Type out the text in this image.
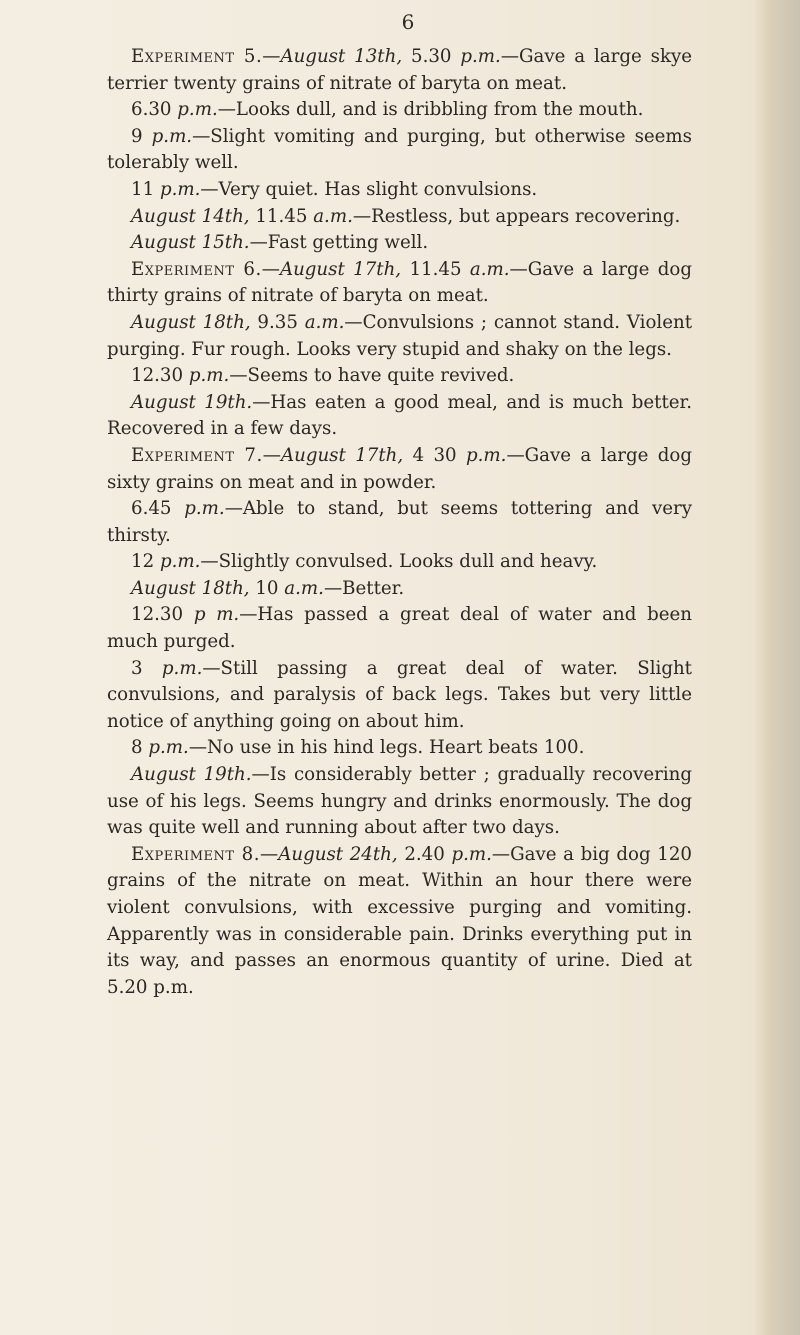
6

Experiment 5.—August 13th, 5.30 p.m.—Gave a large skye terrier twenty grains of nitrate of baryta on meat.

6.30 p.m.—Looks dull, and is dribbling from the mouth.

9 p.m.—Slight vomiting and purging, but otherwise seems tolerably well.

11 p.m.—Very quiet. Has slight convulsions.

August 14th, 11.45 a.m.—Restless, but appears recovering.

August 15th.—Fast getting well.

Experiment 6.—August 17th, 11.45 a.m.—Gave a large dog thirty grains of nitrate of baryta on meat.

August 18th, 9.35 a.m.—Convulsions ; cannot stand. Violent purging. Fur rough. Looks very stupid and shaky on the legs.

12.30 p.m.—Seems to have quite revived.

August 19th.—Has eaten a good meal, and is much better. Recovered in a few days.

Experiment 7.—August 17th, 4 30 p.m.—Gave a large dog sixty grains on meat and in powder.

6.45 p.m.—Able to stand, but seems tottering and very thirsty.

12 p.m.—Slightly convulsed. Looks dull and heavy.

August 18th, 10 a.m.—Better.

12.30 p m.—Has passed a great deal of water and been much purged.

3 p.m.—Still passing a great deal of water. Slight convulsions, and paralysis of back legs. Takes but very little notice of anything going on about him.

8 p.m.—No use in his hind legs. Heart beats 100.

August 19th.—Is considerably better ; gradually recovering use of his legs. Seems hungry and drinks enormously. The dog was quite well and running about after two days.

Experiment 8.—August 24th, 2.40 p.m.—Gave a big dog 120 grains of the nitrate on meat. Within an hour there were violent convulsions, with excessive purging and vomiting. Apparently was in considerable pain. Drinks everything put in its way, and passes an enormous quantity of urine. Died at 5.20 p.m.
